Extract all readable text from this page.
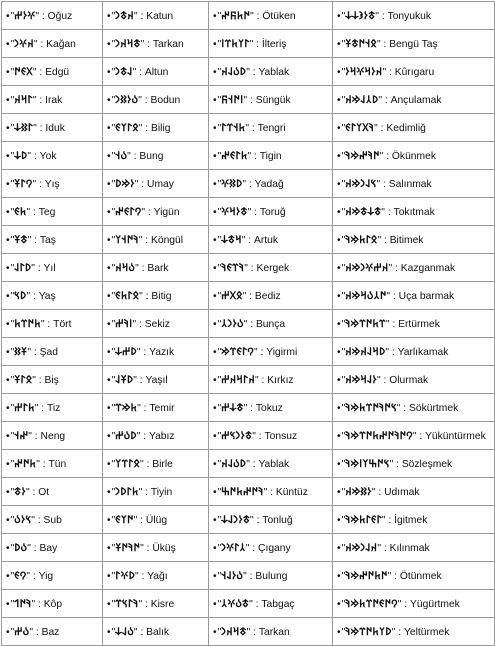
•"𐰍𐰆𐰔" : Oğuz	•"𐰴𐱃𐰣" : Katun	•"𐰇𐱅𐰜𐰤" : Ötüken	•"𐱃𐰆𐰪𐰸𐰸" : Tonyukuk
•"𐰴𐰍𐰣" : Kağan	•"𐱃𐰺𐰴𐰣" : Tarkan	•"𐰃𐰠𐱅𐰼𐰾" : İlteriş	•"𐰋𐰭𐰇𐱃𐱁" : Bengü Taş
•"𐰓𐰏𐰇" : Edgü	•"𐰞𐱃𐰣" : Altun	•"𐰖𐰉𐰞𐰴" : Yablak	•"𐰴𐰆𐰺𐰍𐰺𐰆" : Kûrıgaru
•"𐰃𐰺𐰴" : Irak	•"𐰉𐰆𐰑𐰣" : Bodun	•"𐰾𐰇𐰭𐰜" : Süngük	•"𐰖𐰲𐰞𐰢𐰴" : Ançulamak
•"𐰃𐰑𐰸" : Iduk	•"𐰋𐰃𐰠𐰏" : Bilig	•"𐱅𐰭𐰼𐰃" : Tengri	•"𐰚𐰓𐰠𐰃𐰏" : Kedimliğ
•"𐰖𐰸" : Yok	•"𐰉𐰭" : Bung	•"𐱅𐰃𐰏𐰤" : Tigin	•"𐰇𐰚𐰤𐰢𐰚" : Ökünmek
•"𐰘𐰃𐱁" : Yış	•"𐰆𐰢𐰖" : Umay	•"𐰖𐰑𐰍" : Yadağ	•"𐰽𐰞𐰣𐰢𐰴" : Salınmak
•"𐱅𐰏" : Teg	•"𐰘𐰃𐰏𐰤" : Yigün	•"𐱃𐰆𐰺𐰍" : Toruğ	•"𐱃𐰸𐱃𐰢𐰴" : Tokıtmak
•"𐱃𐱁" : Taş	•"𐰚𐰇𐰭𐰠" : Köngül	•"𐰺𐱃𐰸" : Artuk	•"𐰋𐰃𐱅𐰢𐰚" : Bitimek
•"𐰖𐰃𐰞" : Yıl	•"𐰉𐰺𐰴" : Bark	•"𐰚𐰼𐰏𐰚" : Kergek	•"𐰴𐰔𐰍𐰣𐰢𐰴" : Kazganmak
•"𐰖𐰽" : Yaş	•"𐰋𐰃𐱅𐰏" : Bitig	•"𐰋𐰓𐰔" : Bediz	•"𐰇𐰲𐰉𐰺𐰢𐰴" : Uça barmak
•"𐱅𐰇𐰼𐱅" : Tört	•"𐰾𐰚𐰔" : Sekiz	•"𐰉𐰆𐰣𐰲" : Bunça	•"𐰼𐱅𐰇𐰼𐰢𐰚" : Ertürmek
•"𐱁𐰑" : Şad	•"𐰖𐰔𐰸" : Yazık	•"𐰘𐰃𐰏𐰼𐰢" : Yigirmi	•"𐰖𐰺𐰞𐰴𐰢𐰴" : Yarlıkamak
•"𐰋𐰃𐱁" : Biş	•"𐰖𐱁𐰞" : Yaşıl	•"𐰴𐰃𐰺𐰴𐰔" : Kırkız	•"𐰆𐰞𐰺𐰢𐰴" : Olurmak
•"𐱅𐰃𐰔" : Tiz	•"𐱅𐰢𐰼" : Temir	•"𐱃𐰸𐰔" : Tokuz	•"𐰽𐰇𐰚𐰇𐰼𐱅𐰢𐰚" : Sökürtmek
•"𐰤𐰭" : Neng	•"𐰖𐰉𐰔" : Yabız	•"𐱃𐰆𐰣𐰽𐰔" : Tonsuz	•"𐰘𐰇𐰚𐰇𐰤𐱅𐰇𐰼𐰢𐰚" : Yüküntürmek
•"𐱅𐰇𐰤" : Tün	•"𐰋𐰃𐰼𐰠" : Birle	•"𐰖𐰉𐰞𐰴" : Yablak	•"𐰽𐰇𐰕𐰠𐰾𐰢𐰚" : Sözleşmek
•"𐰆𐱃" : Ot	•"𐱅𐰃𐰖𐰣" : Tiyin	•"𐰚𐰇𐰤𐱅𐰇𐰕" : Küntüz	•"𐰆𐰑𐰢𐰴" : Udımak
•"𐰽𐰆𐰉" : Sub	•"𐰇𐰠𐰏" : Ülüg	•"𐱃𐰆𐰣𐰞𐰸" : Tonluğ	•"𐰃𐰏𐰃𐱅𐰢𐰚" : İgitmek
•"𐰉𐰖" : Bay	•"𐰇𐰚𐰇𐱁" : Üküş	•"𐰲𐰃𐰍𐰣" : Çıgany	•"𐰴𐰞𐰣𐰢𐰴" : Kılınmak
•"𐰘𐰏" : Yig	•"𐰖𐰍𐰃" : Yağı	•"𐰉𐰆𐰞𐰭" : Bulung	•"𐰇𐱅𐰇𐰤𐰢𐰚" : Ötünmek
•"𐰚𐰇𐰯" : Kôp	•"𐰚𐰃𐰽𐰼" : Kisre	•"𐱃𐰉𐰍𐰲" : Tabgaç	•"𐰘𐰇𐰏𐰇𐰼𐱅𐰢𐰚" : Yügürtmek
•"𐰉𐰔" : Baz	•"𐰉𐰞𐰸" : Balık	•"𐱃𐰺𐰴𐰣" : Tarkan	•"𐰖𐰠𐱅𐰇𐰼𐰢𐰚" : Yeltürmek
